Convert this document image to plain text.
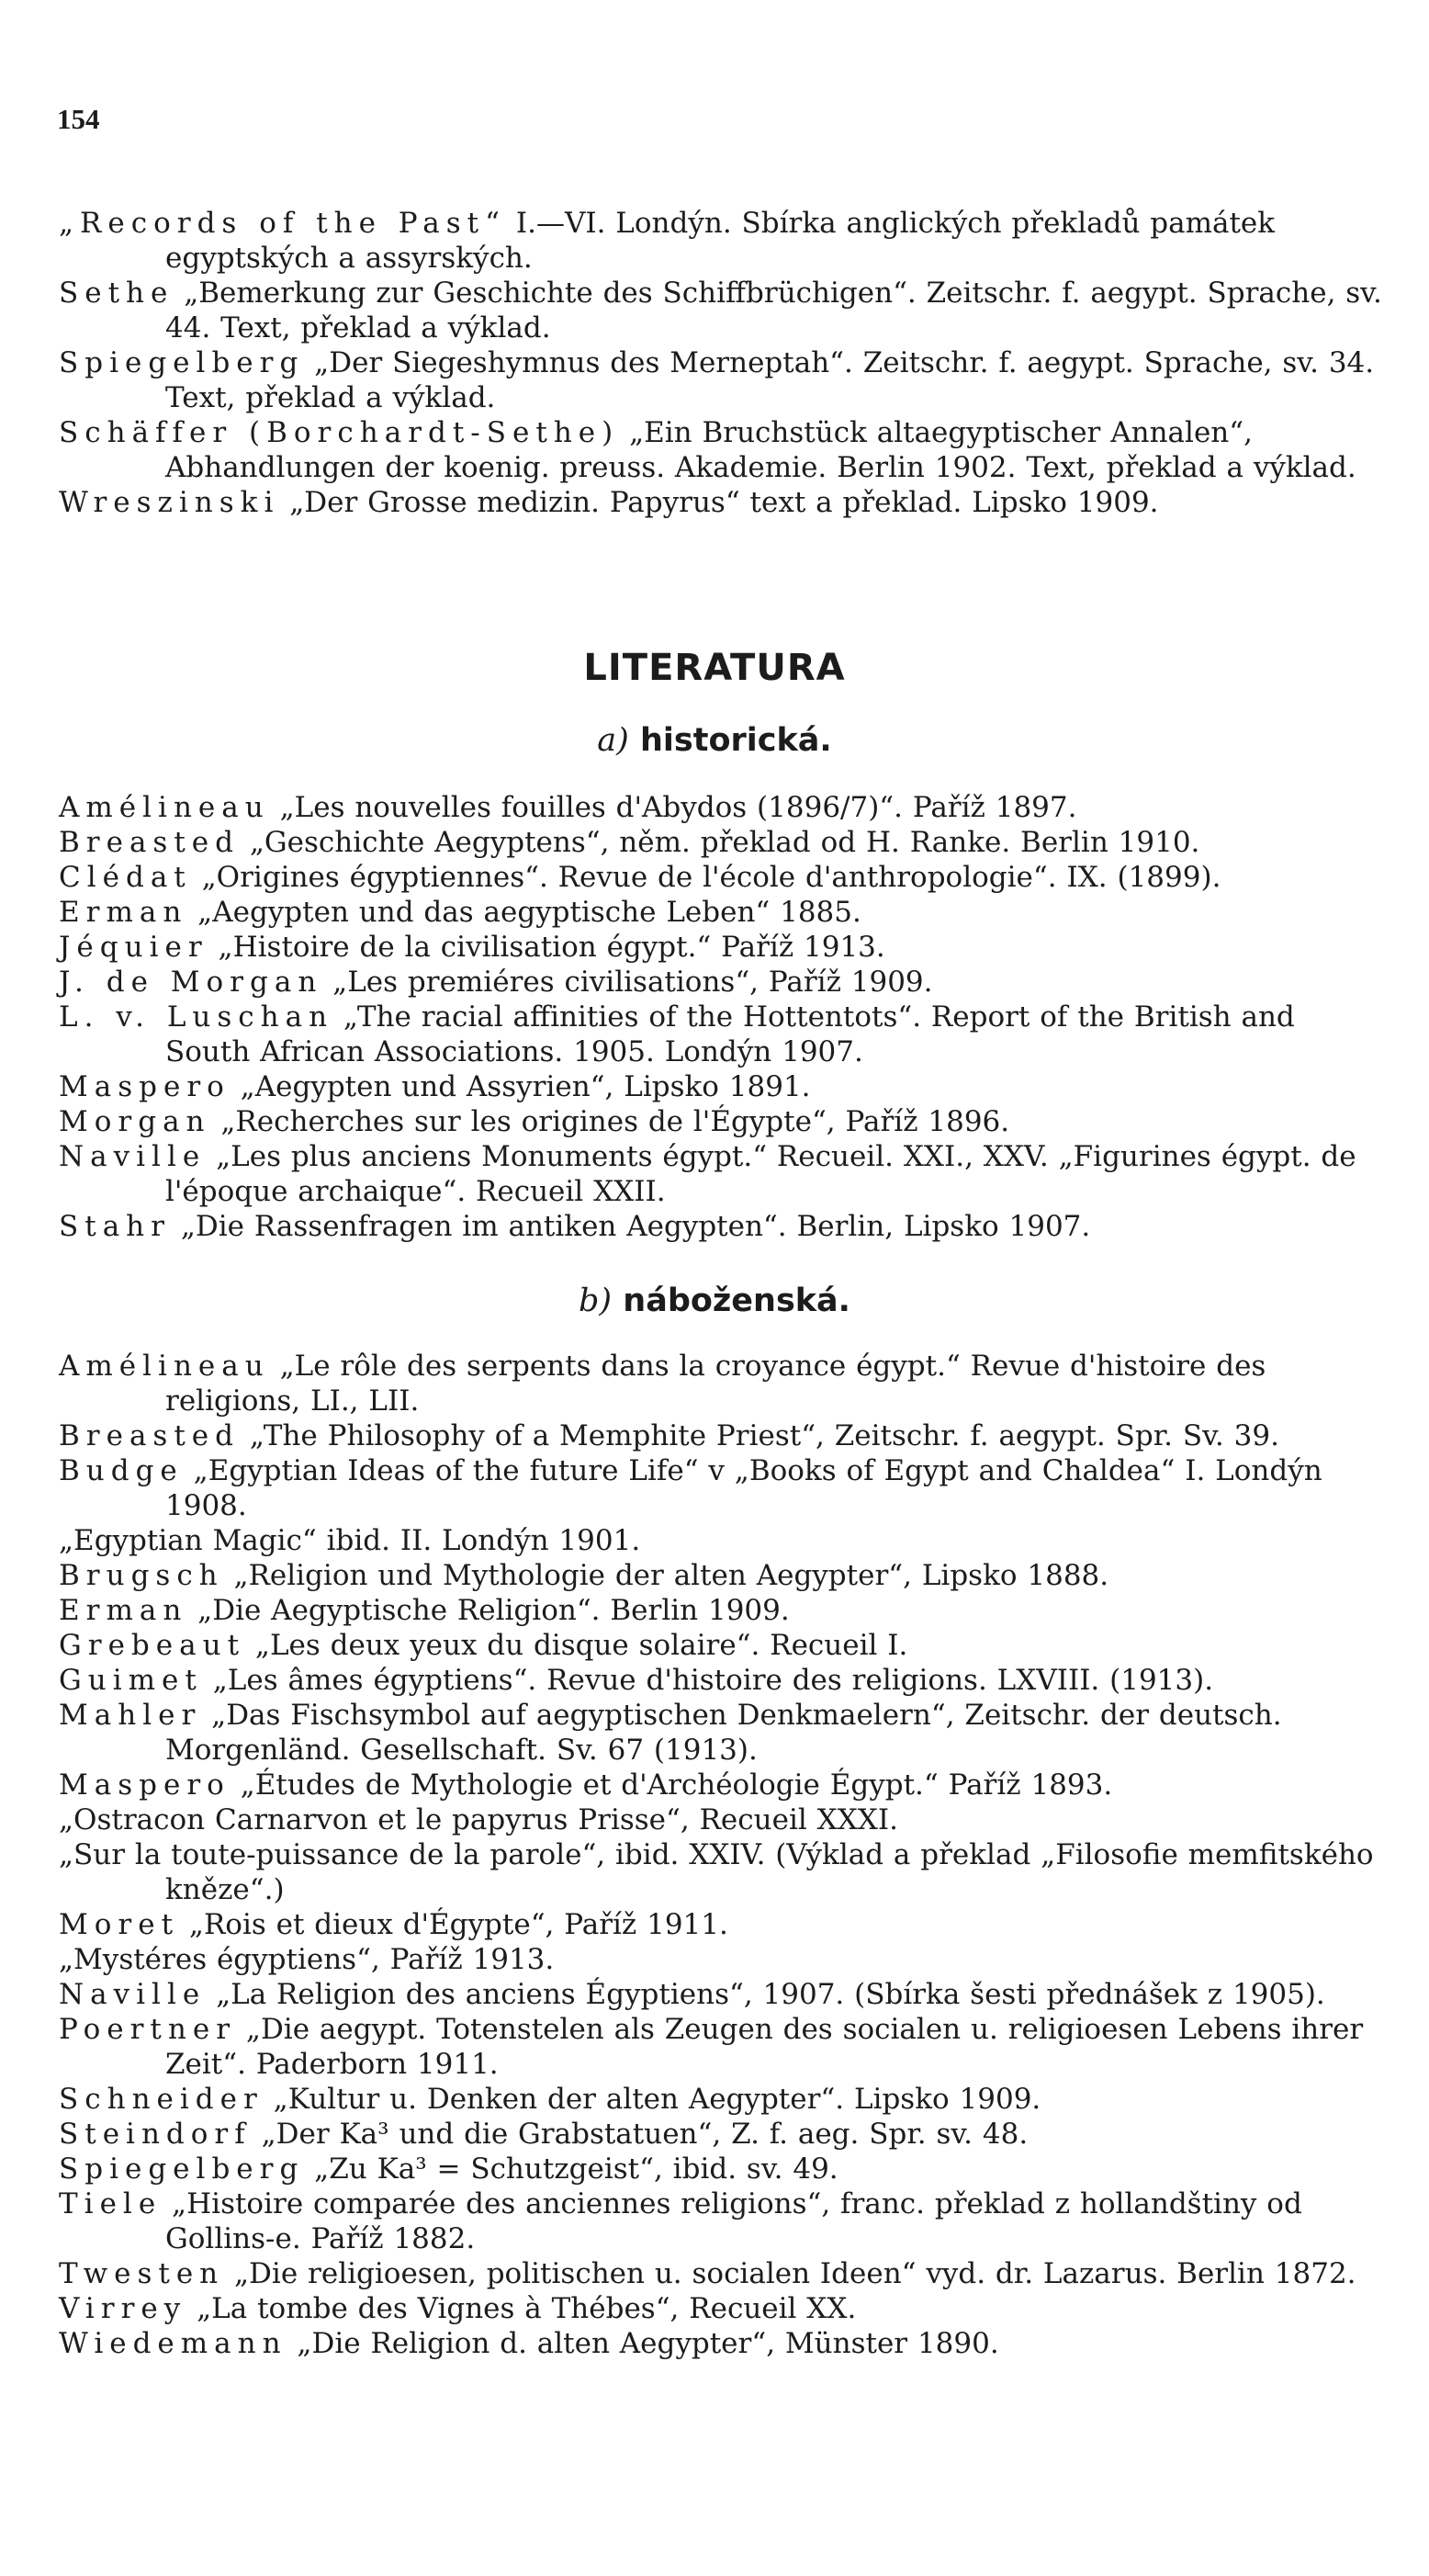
154

„Records of the Past“ I.—VI. Londýn. Sbírka anglických překladů památek egyptských a assyrských.

Sethe „Bemerkung zur Geschichte des Schiffbrüchigen“. Zeitschr. f. aegypt. Sprache, sv. 44. Text, překlad a výklad.

Spiegelberg „Der Siegeshymnus des Merneptah“. Zeitschr. f. aegypt. Sprache, sv. 34. Text, překlad a výklad.

Schäffer (Borchardt-Sethe) „Ein Bruchstück altaegyptischer Annalen“, Abhandlungen der koenig. preuss. Akademie. Berlin 1902. Text, překlad a výklad.

Wreszinski „Der Grosse medizin. Papyrus“ text a překlad. Lipsko 1909.

LITERATURA
a) historická.

Amélineau „Les nouvelles fouilles d'Abydos (1896/7)“. Paříž 1897.

Breasted „Geschichte Aegyptens“, něm. překlad od H. Ranke. Berlin 1910.

Clédat „Origines égyptiennes“. Revue de l'école d'anthropologie“. IX. (1899).

Erman „Aegypten und das aegyptische Leben“ 1885.

Jéquier „Histoire de la civilisation égypt.“ Paříž 1913.

J. de Morgan „Les premiéres civilisations“, Paříž 1909.

L. v. Luschan „The racial affinities of the Hottentots“. Report of the British and South African Associations. 1905. Londýn 1907.

Maspero „Aegypten und Assyrien“, Lipsko 1891.

Morgan „Recherches sur les origines de l'Égypte“, Paříž 1896.

Naville „Les plus anciens Monuments égypt.“ Recueil. XXI., XXV. „Figurines égypt. de l'époque archaique“. Recueil XXII.

Stahr „Die Rassenfragen im antiken Aegypten“. Berlin, Lipsko 1907.

b) náboženská.

Amélineau „Le rôle des serpents dans la croyance égypt.“ Revue d'histoire des religions, LI., LII.

Breasted „The Philosophy of a Memphite Priest“, Zeitschr. f. aegypt. Spr. Sv. 39.

Budge „Egyptian Ideas of the future Life“ v „Books of Egypt and Chaldea“ I. Londýn 1908.

„Egyptian Magic“ ibid. II. Londýn 1901.

Brugsch „Religion und Mythologie der alten Aegypter“, Lipsko 1888.

Erman „Die Aegyptische Religion“. Berlin 1909.

Grebeaut „Les deux yeux du disque solaire“. Recueil I.

Guimet „Les âmes égyptiens“. Revue d'histoire des religions. LXVIII. (1913).

Mahler „Das Fischsymbol auf aegyptischen Denkmaelern“, Zeitschr. der deutsch. Morgenländ. Gesellschaft. Sv. 67 (1913).

Maspero „Études de Mythologie et d'Archéologie Égypt.“ Paříž 1893.

„Ostracon Carnarvon et le papyrus Prisse“, Recueil XXXI.

„Sur la toute-puissance de la parole“, ibid. XXIV. (Výklad a překlad „Filosofie memfitského kněze“.)

Moret „Rois et dieux d'Égypte“, Paříž 1911.

„Mystéres égyptiens“, Paříž 1913.

Naville „La Religion des anciens Égyptiens“, 1907. (Sbírka šesti přednášek z 1905).

Poertner „Die aegypt. Totenstelen als Zeugen des socialen u. religioesen Lebens ihrer Zeit“. Paderborn 1911.

Schneider „Kultur u. Denken der alten Aegypter“. Lipsko 1909.

Steindorf „Der Ka³ und die Grabstatuen“, Z. f. aeg. Spr. sv. 48.

Spiegelberg „Zu Ka³ = Schutzgeist“, ibid. sv. 49.

Tiele „Histoire comparée des anciennes religions“, franc. překlad z hollandštiny od Gollins-e. Paříž 1882.

Twesten „Die religioesen, politischen u. socialen Ideen“ vyd. dr. Lazarus. Berlin 1872.

Virrey „La tombe des Vignes à Thébes“, Recueil XX.

Wiedemann „Die Religion d. alten Aegypter“, Münster 1890.
